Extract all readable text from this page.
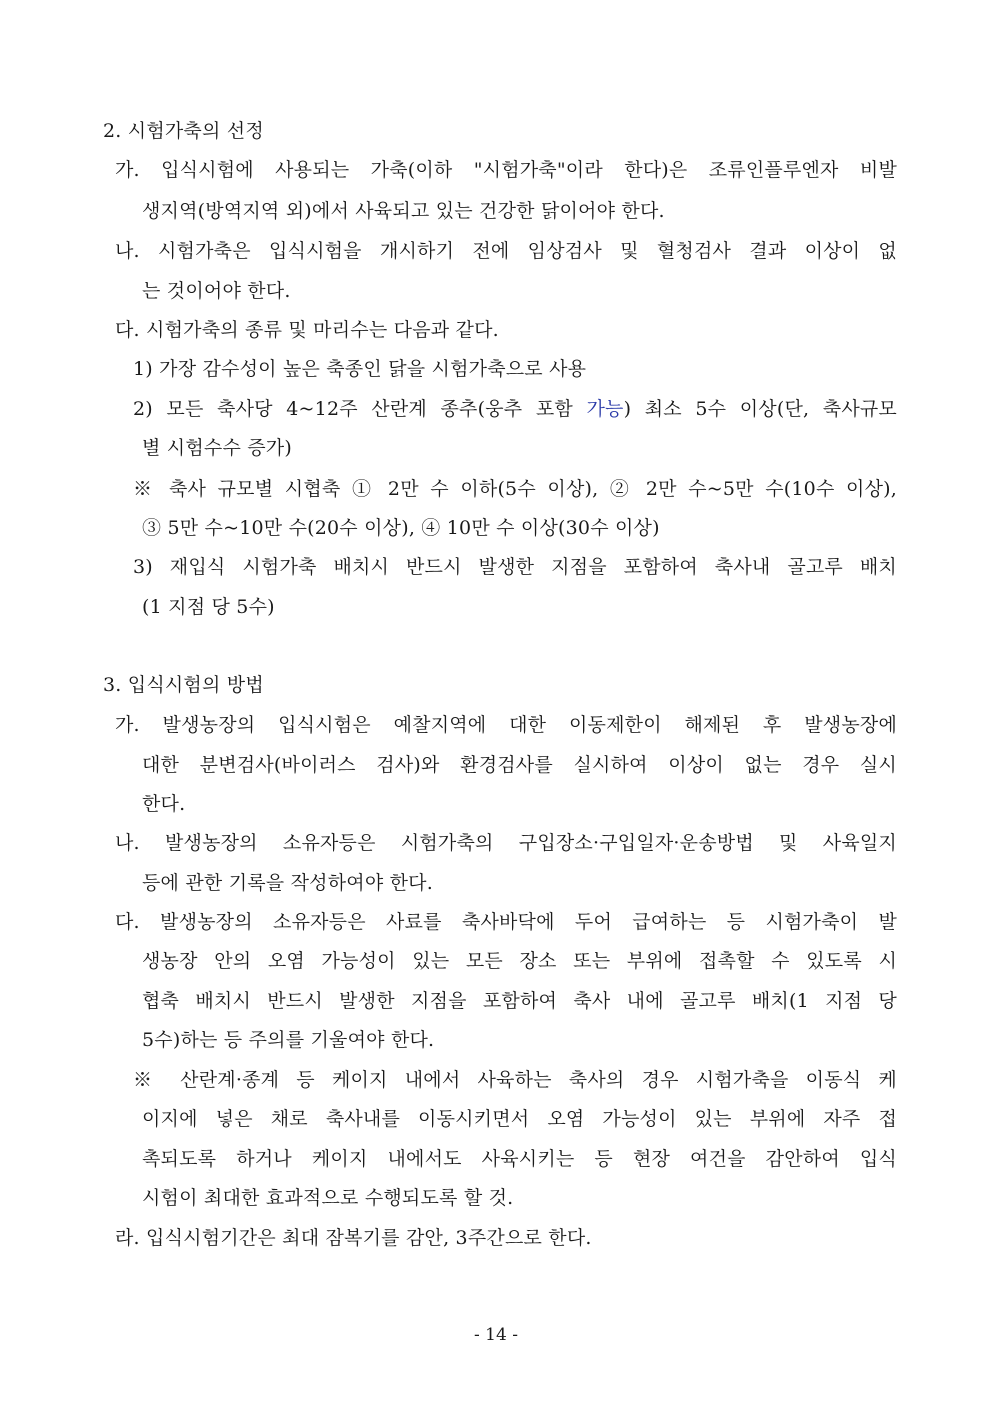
2. 시험가축의 선정
가. 입식시험에 사용되는 가축(이하 "시험가축"이라 한다)은 조류인플루엔자 비발
생지역(방역지역 외)에서 사육되고 있는 건강한 닭이어야 한다.
나. 시험가축은 입식시험을 개시하기 전에 임상검사 및 혈청검사 결과 이상이 없
는 것이어야 한다.
다. 시험가축의 종류 및 마리수는 다음과 같다.
1) 가장 감수성이 높은 축종인 닭을 시험가축으로 사용
2) 모든 축사당 4~12주 산란계 종추(웅추 포함 가능) 최소 5수 이상(단, 축사규모
별 시험수수 증가)
※ 축사 규모별 시협축 ① 2만 수 이하(5수 이상), ② 2만 수~5만 수(10수 이상),
③ 5만 수~10만 수(20수 이상), ④ 10만 수 이상(30수 이상)
3) 재입식 시험가축 배치시 반드시 발생한 지점을 포함하여 축사내 골고루 배치
(1 지점 당 5수)
3. 입식시험의 방법
가. 발생농장의 입식시험은 예찰지역에 대한 이동제한이 해제된 후 발생농장에
대한 분변검사(바이러스 검사)와 환경검사를 실시하여 이상이 없는 경우 실시
한다.
나. 발생농장의 소유자등은 시험가축의 구입장소·구입일자·운송방법 및 사육일지
등에 관한 기록을 작성하여야 한다.
다. 발생농장의 소유자등은 사료를 축사바닥에 두어 급여하는 등 시험가축이 발
생농장 안의 오염 가능성이 있는 모든 장소 또는 부위에 접촉할 수 있도록 시
협축 배치시 반드시 발생한 지점을 포함하여 축사 내에 골고루 배치(1 지점 당
5수)하는 등 주의를 기울여야 한다.
※ 산란계·종계 등 케이지 내에서 사육하는 축사의 경우 시험가축을 이동식 케
이지에 넣은 채로 축사내를 이동시키면서 오염 가능성이 있는 부위에 자주 접
촉되도록 하거나 케이지 내에서도 사육시키는 등 현장 여건을 감안하여 입식
시험이 최대한 효과적으로 수행되도록 할 것.
라. 입식시험기간은 최대 잠복기를 감안, 3주간으로 한다.
- 14 -
